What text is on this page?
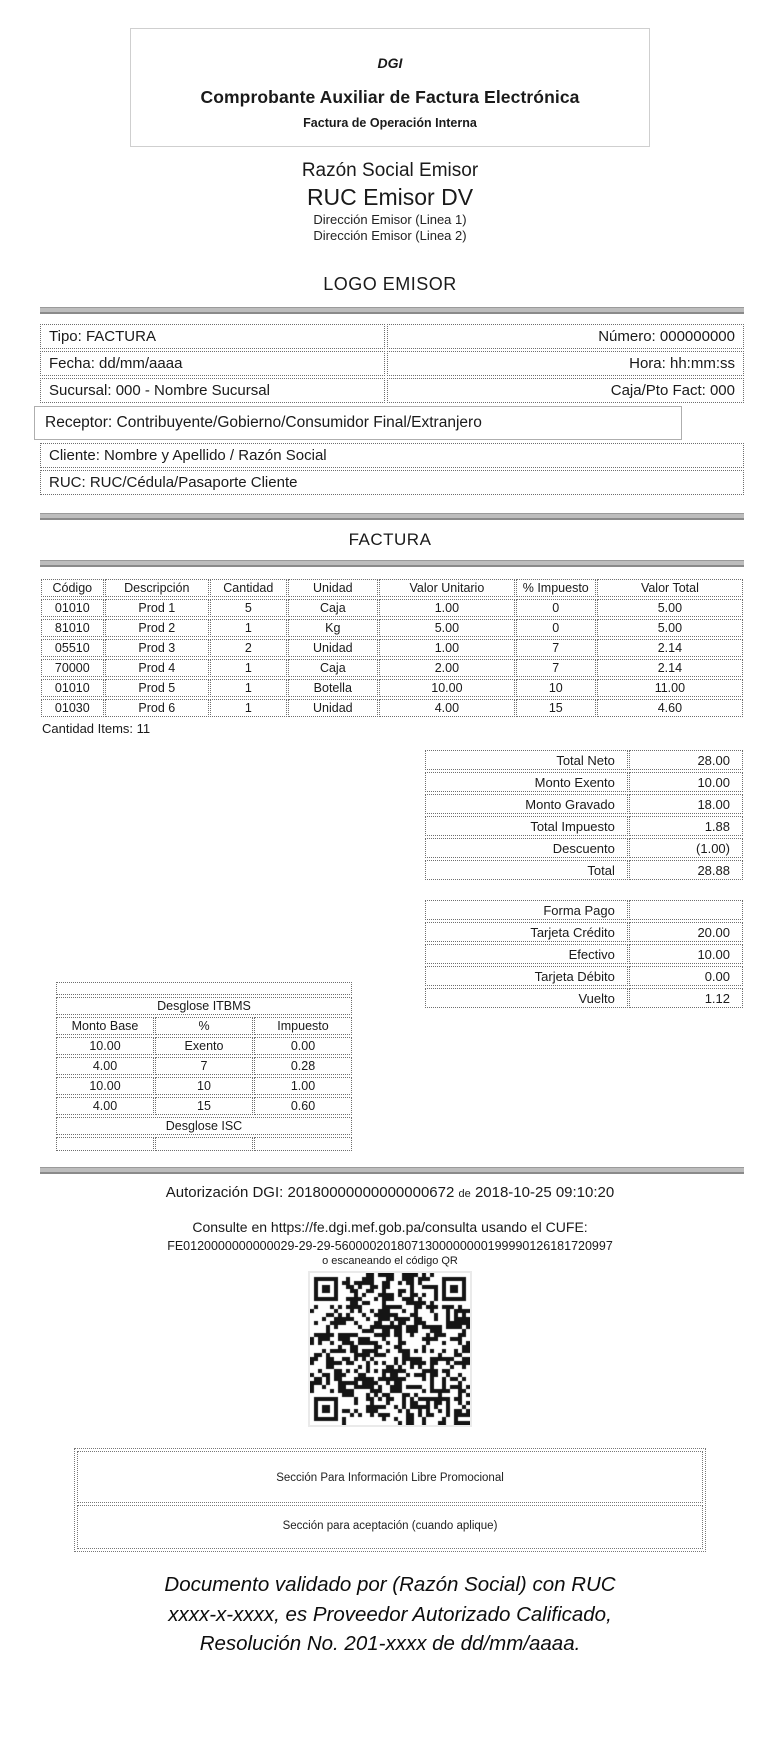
DGI
Comprobante Auxiliar de Factura Electrónica
Factura de Operación Interna
Razón Social Emisor
RUC Emisor DV
Dirección Emisor (Linea 1)
Dirección Emisor (Linea 2)
LOGO EMISOR
Tipo: FACTURA	Número: 000000000
Fecha: dd/mm/aaaa	Hora: hh:mm:ss
Sucursal: 000 - Nombre Sucursal	Caja/Pto Fact: 000
Receptor: Contribuyente/Gobierno/Consumidor Final/Extranjero
Cliente: Nombre y Apellido / Razón Social
RUC: RUC/Cédula/Pasaporte Cliente
FACTURA
Código	Descripción	Cantidad	Unidad	Valor Unitario	% Impuesto	Valor Total
01010	Prod 1	5	Caja	1.00	0	5.00
81010	Prod 2	1	Kg	5.00	0	5.00
05510	Prod 3	2	Unidad	1.00	7	2.14
70000	Prod 4	1	Caja	2.00	7	2.14
01010	Prod 5	1	Botella	10.00	10	11.00
01030	Prod 6	1	Unidad	4.00	15	4.60
Cantidad Items: 11
Total Neto	28.00
Monto Exento	10.00
Monto Gravado	18.00
Total Impuesto	1.88
Descuento	(1.00)
Total	28.88
Forma Pago	
Tarjeta Crédito	20.00
Efectivo	10.00
Tarjeta Débito	0.00
Vuelto	1.12

Desglose ITBMS		
Monto Base	%	Impuesto
10.00	Exento	0.00
4.00	7	0.28
10.00	10	1.00
4.00	15	0.60
Desglose ISC		

Autorización DGI: 20180000000000000672 de 2018-10-25 09:10:20
Consulte en https://fe.dgi.mef.gob.pa/consulta usando el CUFE:
FE0120000000000029-29-29-5600002018071300000000199990126181720997
o escaneando el código QR
Sección Para Información Libre Promocional
Sección para aceptación (cuando aplique)
Documento validado por (Razón Social) con RUC
xxxx-x-xxxx, es Proveedor Autorizado Calificado,
Resolución No. 201-xxxx de dd/mm/aaaa.
